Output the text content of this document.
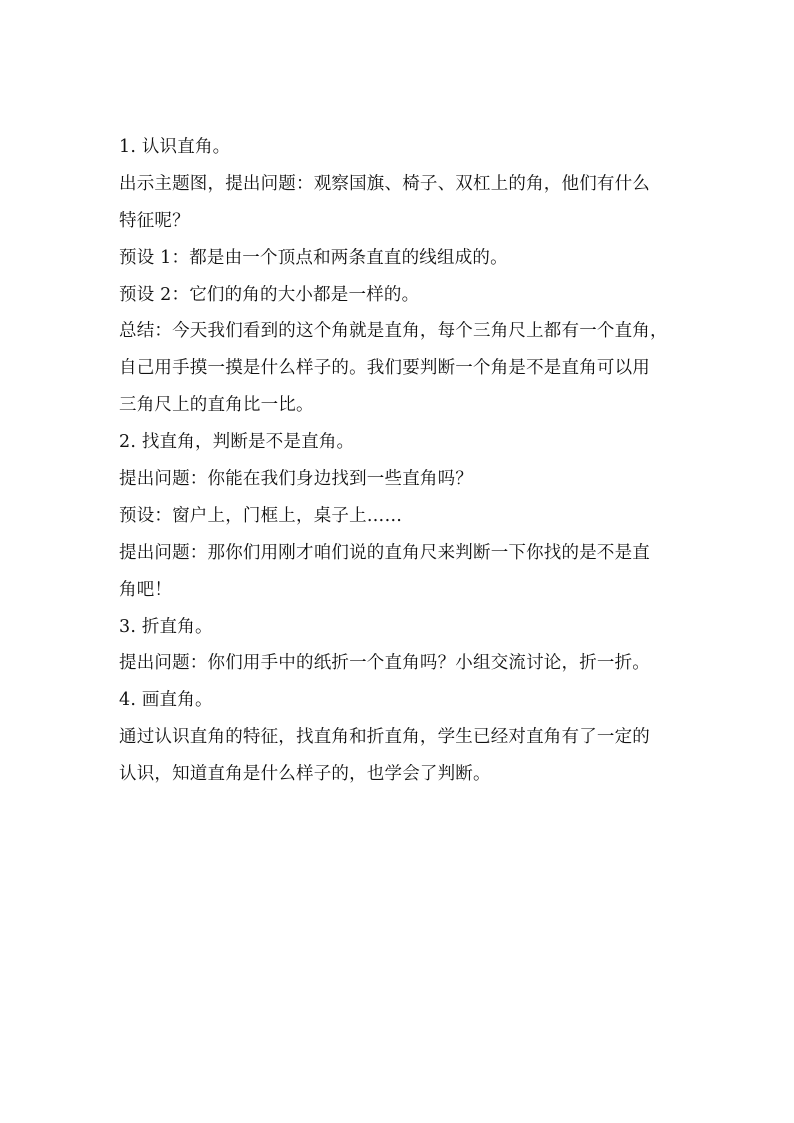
1. 认识直角。
出示主题图，提出问题：观察国旗、椅子、双杠上的角，他们有什么
特征呢？
预设 1：都是由一个顶点和两条直直的线组成的。
预设 2：它们的角的大小都是一样的。
总结：今天我们看到的这个角就是直角，每个三角尺上都有一个直角，
自己用手摸一摸是什么样子的。我们要判断一个角是不是直角可以用
三角尺上的直角比一比。
2. 找直角，判断是不是直角。
提出问题：你能在我们身边找到一些直角吗？
预设：窗户上，门框上，桌子上……
提出问题：那你们用刚才咱们说的直角尺来判断一下你找的是不是直
角吧！
3. 折直角。
提出问题：你们用手中的纸折一个直角吗？小组交流讨论，折一折。
4. 画直角。
通过认识直角的特征，找直角和折直角，学生已经对直角有了一定的
认识，知道直角是什么样子的，也学会了判断。
